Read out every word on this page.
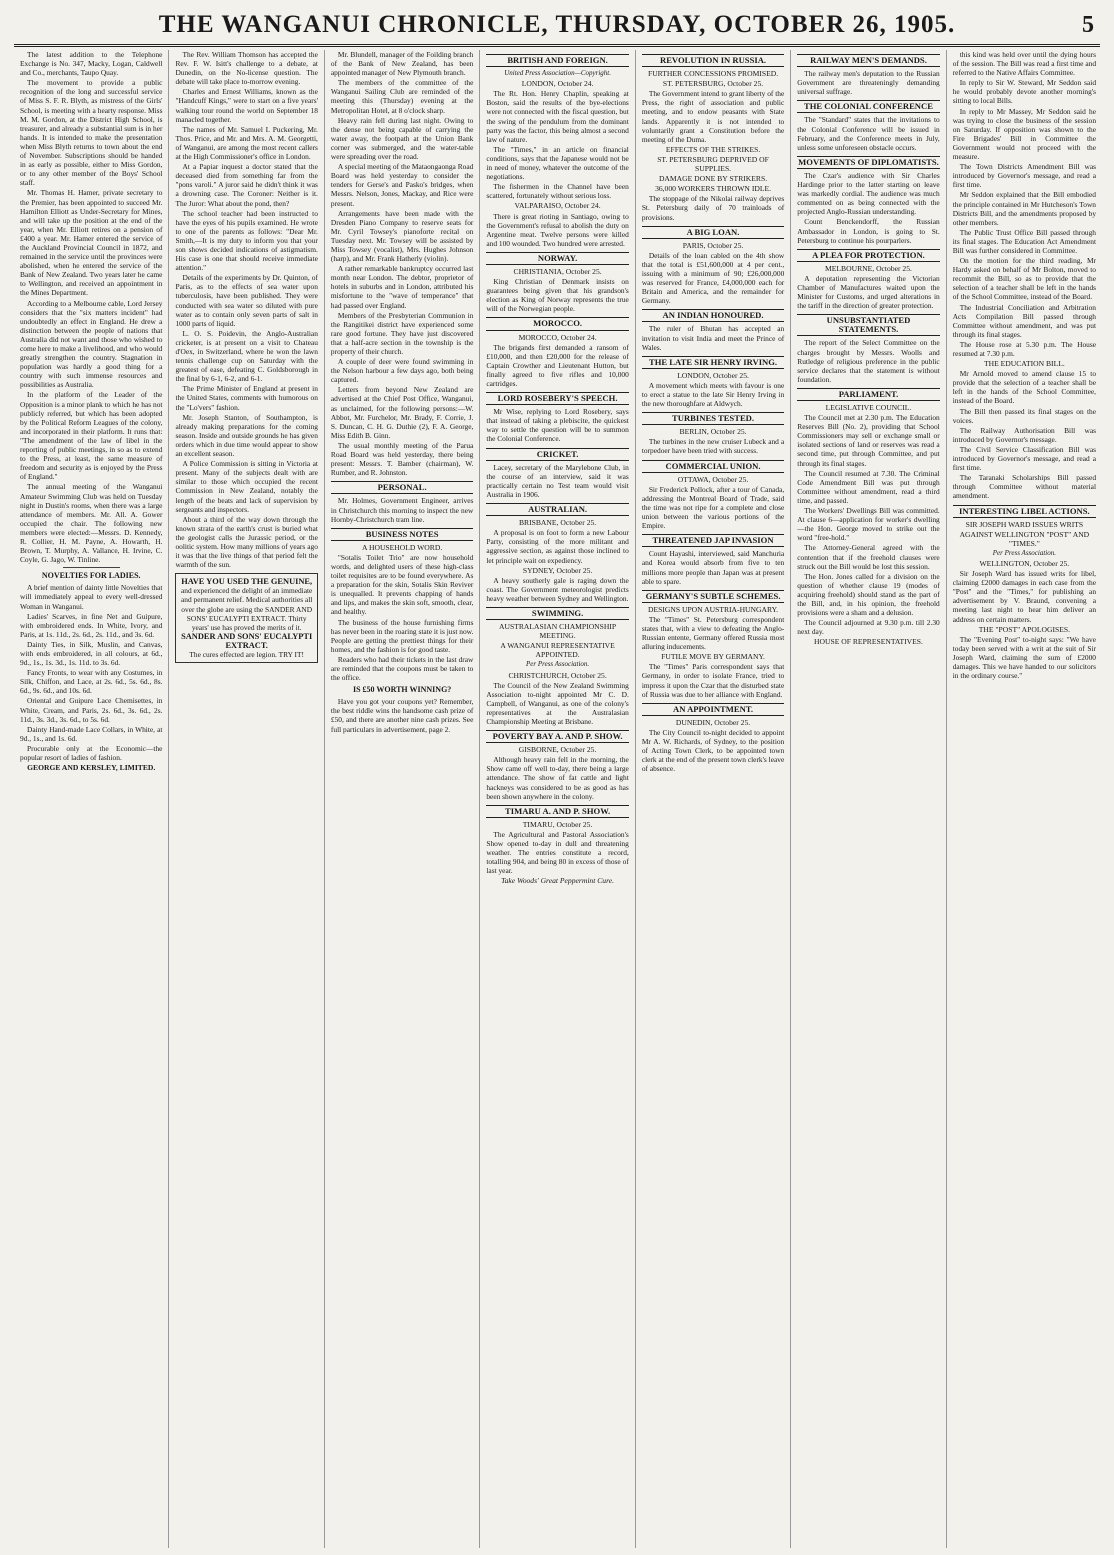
THE WANGANUI CHRONICLE, THURSDAY, OCTOBER 26, 1905.	5

The latest addition to the Telephone Exchange is No. 347, Macky, Logan, Caldwell and Co., merchants, Taupo Quay.

The movement to provide a public recognition of the long and successful service of Miss S. F. R. Blyth, as mistress of the Girls' School, is meeting with a hearty response. Miss M. M. Gordon, at the District High School, is treasurer, and already a substantial sum is in her hands. It is intended to make the presentation when Miss Blyth returns to town about the end of November. Subscriptions should be handed in as early as possible, either to Miss Gordon, or to any other member of the Boys' School staff.

Mr. Thomas H. Hamer, private secretary to the Premier, has been appointed to succeed Mr. Hamilton Elliott as Under-Secretary for Mines, and will take up the position at the end of the year, when Mr. Elliott retires on a pension of £400 a year. Mr. Hamer entered the service of the Auckland Provincial Council in 1872, and remained in the service until the provinces were abolished, when he entered the service of the Bank of New Zealand. Two years later he came to Wellington, and received an appointment in the Mines Department.

According to a Melbourne cable, Lord Jersey considers that the "six matters incident" had undoubtedly an effect in England. He drew a distinction between the people of nations that Australia did not want and those who wished to come here to make a livelihood, and who would greatly strengthen the country. Stagnation in population was hardly a good thing for a country with such immense resources and possibilities as Australia.

In the platform of the Leader of the Opposition is a minor plank to which he has not publicly referred, but which has been adopted by the Political Reform Leagues of the colony, and incorporated in their platform. It runs that: "The amendment of the law of libel in the reporting of public meetings, in so as to extend to the Press, at least, the same measure of freedom and security as is enjoyed by the Press of England."

The annual meeting of the Wanganui Amateur Swimming Club was held on Tuesday night in Dustin's rooms, when there was a large attendance of members. Mr. All. A. Gower occupied the chair. The following new members were elected:—Messrs. D. Kennedy, R. Collier, H. M. Payne, A. Howarth, H. Brown, T. Murphy, A. Vallance, H. Irvine, C. Coyle, G. Jago, W. Tinline.

NOVELTIES FOR LADIES.

A brief mention of dainty little Novelties that will immediately appeal to every well-dressed Woman in Wanganui.

Ladies' Scarves, in fine Net and Guipure, with embroidered ends. In White, Ivory, and Paris, at 1s. 11d., 2s. 6d., 2s. 11d., and 3s. 6d.

Dainty Ties, in Silk, Muslin, and Canvas, with ends embroidered, in all colours, at 6d., 9d., 1s., 1s. 3d., 1s. 11d. to 3s. 6d.

Fancy Fronts, to wear with any Costumes, in Silk, Chiffon, and Lace, at 2s. 6d., 5s. 6d., 8s. 6d., 9s. 6d., and 10s. 6d.

Oriental and Guipure Lace Chemisettes, in White, Cream, and Paris, 2s. 6d., 3s. 6d., 2s. 11d., 3s. 3d., 3s. 6d., to 5s. 6d.

Dainty Hand-made Lace Collars, in White, at 9d., 1s., and 1s. 6d.

Procurable only at the Economic—the popular resort of ladies of fashion.

GEORGE AND KERSLEY, LIMITED.

The Rev. William Thomson has accepted the Rev. F. W. Isitt's challenge to a debate, at Dunedin, on the No-license question. The debate will take place to-morrow evening.

Charles and Ernest Williams, known as the "Handcuff Kings," were to start on a five years' walking tour round the world on September 18 manacled together.

The names of Mr. Samuel I. Puckering, Mr. Thos. Price, and Mr. and Mrs. A. M. Georgetti, of Wanganui, are among the most recent callers at the High Commissioner's office in London.

At a Papiar inquest a doctor stated that the deceased died from something far from the "pons varoli." A juror said he didn't think it was a drowning case. The Coroner: Neither is it. The Juror: What about the pond, then?

The school teacher had been instructed to have the eyes of his pupils examined. He wrote to one of the parents as follows: "Dear Mr. Smith,—It is my duty to inform you that your son shows decided indications of astigmatism. His case is one that should receive immediate attention."

Details of the experiments by Dr. Quinton, of Paris, as to the effects of sea water upon tuberculosis, have been published. They were conducted with sea water so diluted with pure water as to contain only seven parts of salt in 1000 parts of liquid.

L. O. S. Poidevin, the Anglo-Australian cricketer, is at present on a visit to Chateau d'Oex, in Switzerland, where he won the lawn tennis challenge cup on Saturday with the greatest of ease, defeating C. Goldsborough in the final by 6-1, 6-2, and 6-1.

The Prime Minister of England at present in the United States, comments with humorous on the "Lo'vers" fashion.

Mr. Joseph Stanton, of Southampton, is already making preparations for the coming season. Inside and outside grounds he has given orders which in due time would appear to show an excellent season.

A Police Commission is sitting in Victoria at present. Many of the subjects dealt with are similar to those which occupied the recent Commission in New Zealand, notably the length of the beats and lack of supervision by sergeants and inspectors.

About a third of the way down through the known strata of the earth's crust is buried what the geologist calls the Jurassic period, or the oolitic system. How many millions of years ago it was that the live things of that period felt the warmth of the sun.

HAVE YOU USED THE GENUINE,
and experienced the delight of an immediate and permanent relief. Medical authorities all over the globe are using the SANDER AND SONS' EUCALYPTI EXTRACT. Thirty years' use has proved the merits of it.
SANDER AND SONS' EUCALYPTI EXTRACT.
The cures effected are legion. TRY IT!

Mr. Blundell, manager of the Foilding branch of the Bank of New Zealand, has been appointed manager of New Plymouth branch.

The members of the committee of the Wanganui Sailing Club are reminded of the meeting this (Thursday) evening at the Metropolitan Hotel, at 8 o'clock sharp.

Heavy rain fell during last night. Owing to the dense not being capable of carrying the water away, the footpath at the Union Bank corner was submerged, and the water-table were spreading over the road.

A special meeting of the Mataongaonga Road Board was held yesterday to consider the tenders for Gerse's and Pasko's bridges, when Messrs. Nelson, Jones, Mackay, and Rice were present.

Arrangements have been made with the Dresden Piano Company to reserve seats for Mr. Cyril Towsey's pianoforte recital on Tuesday next. Mr. Towsey will be assisted by Miss Towsey (vocalist), Mrs. Hughes Johnson (harp), and Mr. Frank Hatherly (violin).

A rather remarkable bankruptcy occurred last month near London. The debtor, proprietor of hotels in suburbs and in London, attributed his misfortune to the "wave of temperance" that had passed over England.

Members of the Presbyterian Communion in the Rangitikei district have experienced some rare good fortune. They have just discovered that a half-acre section in the township is the property of their church.

A couple of deer were found swimming in the Nelson harbour a few days ago, both being captured.

Letters from beyond New Zealand are advertised at the Chief Post Office, Wanganui, as unclaimed, for the following persons:—W. Abbot, Mr. Furchelor, Mr. Brady, F. Corrie, J. S. Duncan, C. H. G. Duthie (2), F. A. George, Miss Edith B. Ginn.

The usual monthly meeting of the Parua Road Board was held yesterday, there being present: Messrs. T. Bamber (chairman), W. Rumber, and R. Johnston.

PERSONAL.

Mr. Holmes, Government Engineer, arrives in Christchurch this morning to inspect the new Hornby-Christchurch tram line.

BUSINESS NOTES
A HOUSEHOLD WORD.

"Sotalis Toilet Trio" are now household words, and delighted users of these high-class toilet requisites are to be found everywhere. As a preparation for the skin, Sotalis Skin Reviver is unequalled. It prevents chapping of hands and lips, and makes the skin soft, smooth, clear, and healthy.

The business of the house furnishing firms has never been in the roaring state it is just now. People are getting the prettiest things for their homes, and the fashion is for good taste.

Readers who had their tickets in the last draw are reminded that the coupons must be taken to the office.

IS £50 WORTH WINNING?

Have you got your coupons yet? Remember, the best riddle wins the handsome cash prize of £50, and there are another nine cash prizes. See full particulars in advertisement, page 2.

BRITISH AND FOREIGN.
United Press Association—Copyright.
LONDON, October 24.

The Rt. Hon. Henry Chaplin, speaking at Boston, said the results of the bye-elections were not connected with the fiscal question, but the swing of the pendulum from the dominant party was the factor, this being almost a second law of nature.

The "Times," in an article on financial conditions, says that the Japanese would not be in need of money, whatever the outcome of the negotiations.

The fishermen in the Channel have been scattered, fortunately without serious loss.

VALPARAISO, October 24.

There is great rioting in Santiago, owing to the Government's refusal to abolish the duty on Argentine meat. Twelve persons were killed and 100 wounded. Two hundred were arrested.

NORWAY.
CHRISTIANIA, October 25.

King Christian of Denmark insists on guarantees being given that his grandson's election as King of Norway represents the true will of the Norwegian people.

MOROCCO.
MOROCCO, October 24.

The brigands first demanded a ransom of £10,000, and then £20,000 for the release of Captain Crowther and Lieutenant Hutton, but finally agreed to five rifles and 10,000 cartridges.

LORD ROSEBERY'S SPEECH.

Mr Wise, replying to Lord Rosebery, says that instead of taking a plebiscite, the quickest way to settle the question will be to summon the Colonial Conference.

CRICKET.

Lacey, secretary of the Marylebone Club, in the course of an interview, said it was practically certain no Test team would visit Australia in 1906.

AUSTRALIAN.
BRISBANE, October 25.

A proposal is on foot to form a new Labour Party, consisting of the more militant and aggressive section, as against those inclined to let principle wait on expediency.

SYDNEY, October 25.

A heavy southerly gale is raging down the coast. The Government meteorologist predicts heavy weather between Sydney and Wellington.

SWIMMING.
AUSTRALASIAN CHAMPIONSHIP MEETING.
A WANGANUI REPRESENTATIVE APPOINTED.
Per Press Association.
CHRISTCHURCH, October 25.

The Council of the New Zealand Swimming Association to-night appointed Mr C. D. Campbell, of Wanganui, as one of the colony's representatives at the Australasian Championship Meeting at Brisbane.

POVERTY BAY A. AND P. SHOW.
GISBORNE, October 25.

Although heavy rain fell in the morning, the Show came off well to-day, there being a large attendance. The show of fat cattle and light hackneys was considered to be as good as has been shown anywhere in the colony.

TIMARU A. AND P. SHOW.
TIMARU, October 25.

The Agricultural and Pastoral Association's Show opened to-day in dull and threatening weather. The entries constitute a record, totalling 904, and being 80 in excess of those of last year.

Take Woods' Great Peppermint Cure.
REVOLUTION IN RUSSIA.
FURTHER CONCESSIONS PROMISED.
ST. PETERSBURG, October 25.

The Government intend to grant liberty of the Press, the right of association and public meeting, and to endow peasants with State lands. Apparently it is not intended to voluntarily grant a Constitution before the meeting of the Duma.

EFFECTS OF THE STRIKES.
ST. PETERSBURG DEPRIVED OF SUPPLIES.
DAMAGE DONE BY STRIKERS.
36,000 WORKERS THROWN IDLE.

The stoppage of the Nikolai railway deprives St. Petersburg daily of 70 trainloads of provisions.

A BIG LOAN.
PARIS, October 25.

Details of the loan cabled on the 4th show that the total is £51,600,000 at 4 per cent., issuing with a minimum of 90; £26,000,000 was reserved for France, £4,000,000 each for Britain and America, and the remainder for Germany.

AN INDIAN HONOURED.

The ruler of Bhutan has accepted an invitation to visit India and meet the Prince of Wales.

THE LATE SIR HENRY IRVING.
LONDON, October 25.

A movement which meets with favour is one to erect a statue to the late Sir Henry Irving in the new thoroughfare at Aldwych.

TURBINES TESTED.
BERLIN, October 25.

The turbines in the new cruiser Lubeck and a torpedoer have been tried with success.

COMMERCIAL UNION.
OTTAWA, October 25.

Sir Frederick Pollock, after a tour of Canada, addressing the Montreal Board of Trade, said the time was not ripe for a complete and close union between the various portions of the Empire.

THREATENED JAP INVASION

Count Hayashi, interviewed, said Manchuria and Korea would absorb from five to ten millions more people than Japan was at present able to spare.

GERMANY'S SUBTLE SCHEMES.
DESIGNS UPON AUSTRIA-HUNGARY.

The "Times" St. Petersburg correspondent states that, with a view to defeating the Anglo-Russian entente, Germany offered Russia most alluring inducements.

FUTILE MOVE BY GERMANY.

The "Times" Paris correspondent says that Germany, in order to isolate France, tried to impress it upon the Czar that the disturbed state of Russia was due to her alliance with England.

AN APPOINTMENT.
DUNEDIN, October 25.

The City Council to-night decided to appoint Mr A. W. Richards, of Sydney, to the position of Acting Town Clerk, to be appointed town clerk at the end of the present town clerk's leave of absence.

RAILWAY MEN'S DEMANDS.

The railway men's deputation to the Russian Government are threateningly demanding universal suffrage.

THE COLONIAL CONFERENCE

The "Standard" states that the invitations to the Colonial Conference will be issued in February, and the Conference meets in July, unless some unforeseen obstacle occurs.

MOVEMENTS OF DIPLOMATISTS.

The Czar's audience with Sir Charles Hardinge prior to the latter starting on leave was markedly cordial. The audience was much commented on as being connected with the projected Anglo-Russian understanding.

Count Benckendorff, the Russian Ambassador in London, is going to St. Petersburg to continue his pourparlers.

A PLEA FOR PROTECTION.
MELBOURNE, October 25.

A deputation representing the Victorian Chamber of Manufactures waited upon the Minister for Customs, and urged alterations in the tariff in the direction of greater protection.

UNSUBSTANTIATED STATEMENTS.

The report of the Select Committee on the charges brought by Messrs. Woolls and Rutledge of religious preference in the public service declares that the statement is without foundation.

PARLIAMENT.
LEGISLATIVE COUNCIL.

The Council met at 2.30 p.m. The Education Reserves Bill (No. 2), providing that School Commissioners may sell or exchange small or isolated sections of land or reserves was read a second time, put through Committee, and put through its final stages.

The Council resumed at 7.30. The Criminal Code Amendment Bill was put through Committee without amendment, read a third time, and passed.

The Workers' Dwellings Bill was committed. At clause 6—application for worker's dwelling—the Hon. George moved to strike out the word "free-hold."

The Attorney-General agreed with the contention that if the freehold clauses were struck out the Bill would be lost this session.

The Hon. Jones called for a division on the question of whether clause 19 (modes of acquiring freehold) should stand as the part of the Bill, and, in his opinion, the freehold provisions were a sham and a delusion.

The Council adjourned at 9.30 p.m. till 2.30 next day.

HOUSE OF REPRESENTATIVES.

this kind was held over until the dying hours of the session. The Bill was read a first time and referred to the Native Affairs Committee.

In reply to Sir W. Steward, Mr Seddon said he would probably devote another morning's sitting to local Bills.

In reply to Mr Massey, Mr Seddon said he was trying to close the business of the session on Saturday. If opposition was shown to the Fire Brigades' Bill in Committee the Government would not proceed with the measure.

The Town Districts Amendment Bill was introduced by Governor's message, and read a first time.

Mr Seddon explained that the Bill embodied the principle contained in Mr Hutcheson's Town Districts Bill, and the amendments proposed by other members.

The Public Trust Office Bill passed through its final stages. The Education Act Amendment Bill was further considered in Committee.

On the motion for the third reading, Mr Hardy asked on behalf of Mr Bolton, moved to recommit the Bill, so as to provide that the selection of a teacher shall be left in the hands of the School Committee, instead of the Board.

The Industrial Conciliation and Arbitration Acts Compilation Bill passed through Committee without amendment, and was put through its final stages.

The House rose at 5.30 p.m. The House resumed at 7.30 p.m.

THE EDUCATION BILL.

Mr Arnold moved to amend clause 15 to provide that the selection of a teacher shall be left in the hands of the School Committee, instead of the Board.

The Bill then passed its final stages on the voices.

The Railway Authorisation Bill was introduced by Governor's message.

The Civil Service Classification Bill was introduced by Governor's message, and read a first time.

The Taranaki Scholarships Bill passed through Committee without material amendment.

INTERESTING LIBEL ACTIONS.
SIR JOSEPH WARD ISSUES WRITS
AGAINST WELLINGTON "POST" AND "TIMES."
Per Press Association.
WELLINGTON, October 25.

Sir Joseph Ward has issued writs for libel, claiming £2000 damages in each case from the "Post" and the "Times," for publishing an advertisement by V. Braund, convening a meeting last night to hear him deliver an address on certain matters.

THE "POST" APOLOGISES.

The "Evening Post" to-night says: "We have today been served with a writ at the suit of Sir Joseph Ward, claiming the sum of £2000 damages. This we have handed to our solicitors in the ordinary course."
